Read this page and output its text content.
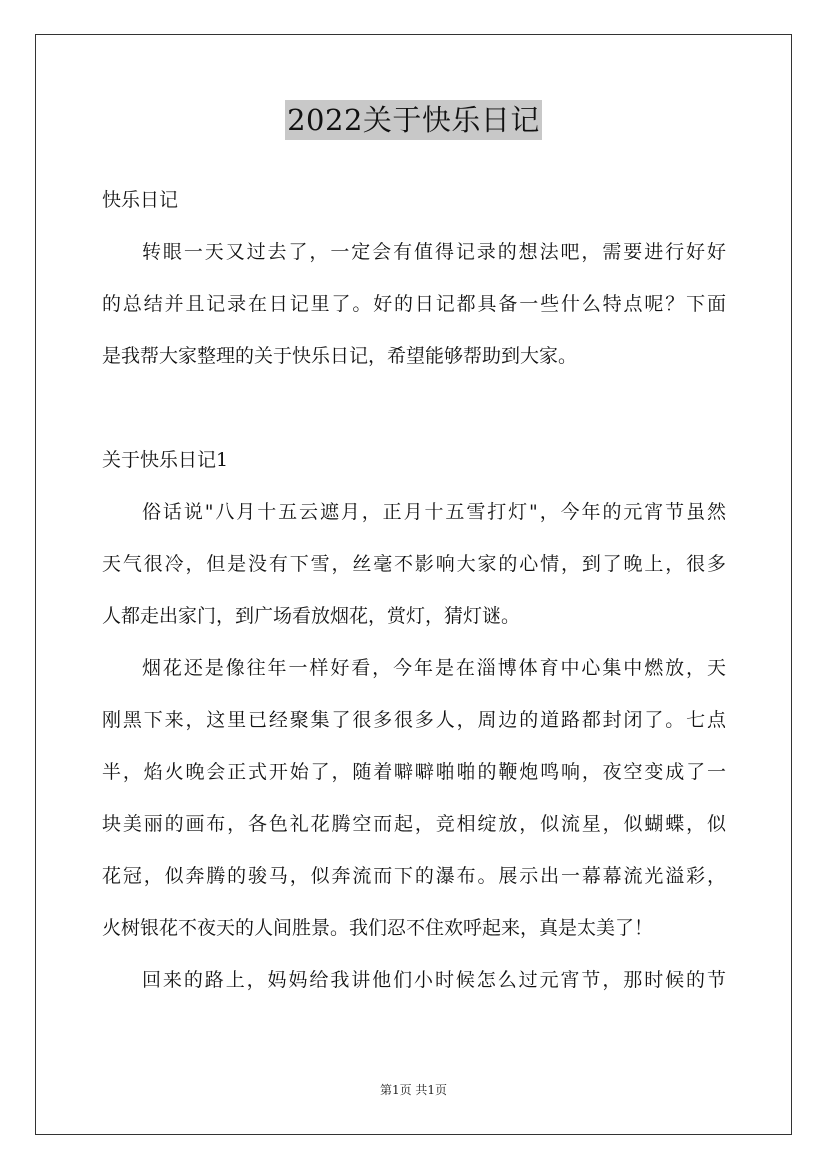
2022关于快乐日记
快乐日记
转眼一天又过去了，一定会有值得记录的想法吧，需要进行好好
的总结并且记录在日记里了。好的日记都具备一些什么特点呢？下面
是我帮大家整理的关于快乐日记，希望能够帮助到大家。
关于快乐日记1
俗话说"八月十五云遮月，正月十五雪打灯"，今年的元宵节虽然
天气很冷，但是没有下雪，丝毫不影响大家的心情，到了晚上，很多
人都走出家门，到广场看放烟花，赏灯，猜灯谜。
烟花还是像往年一样好看，今年是在淄博体育中心集中燃放，天
刚黑下来，这里已经聚集了很多很多人，周边的道路都封闭了。七点
半，焰火晚会正式开始了，随着噼噼啪啪的鞭炮鸣响，夜空变成了一
块美丽的画布，各色礼花腾空而起，竞相绽放，似流星，似蝴蝶，似
花冠，似奔腾的骏马，似奔流而下的瀑布。展示出一幕幕流光溢彩，
火树银花不夜天的人间胜景。我们忍不住欢呼起来，真是太美了！
回来的路上，妈妈给我讲他们小时候怎么过元宵节，那时候的节
第1页 共1页
